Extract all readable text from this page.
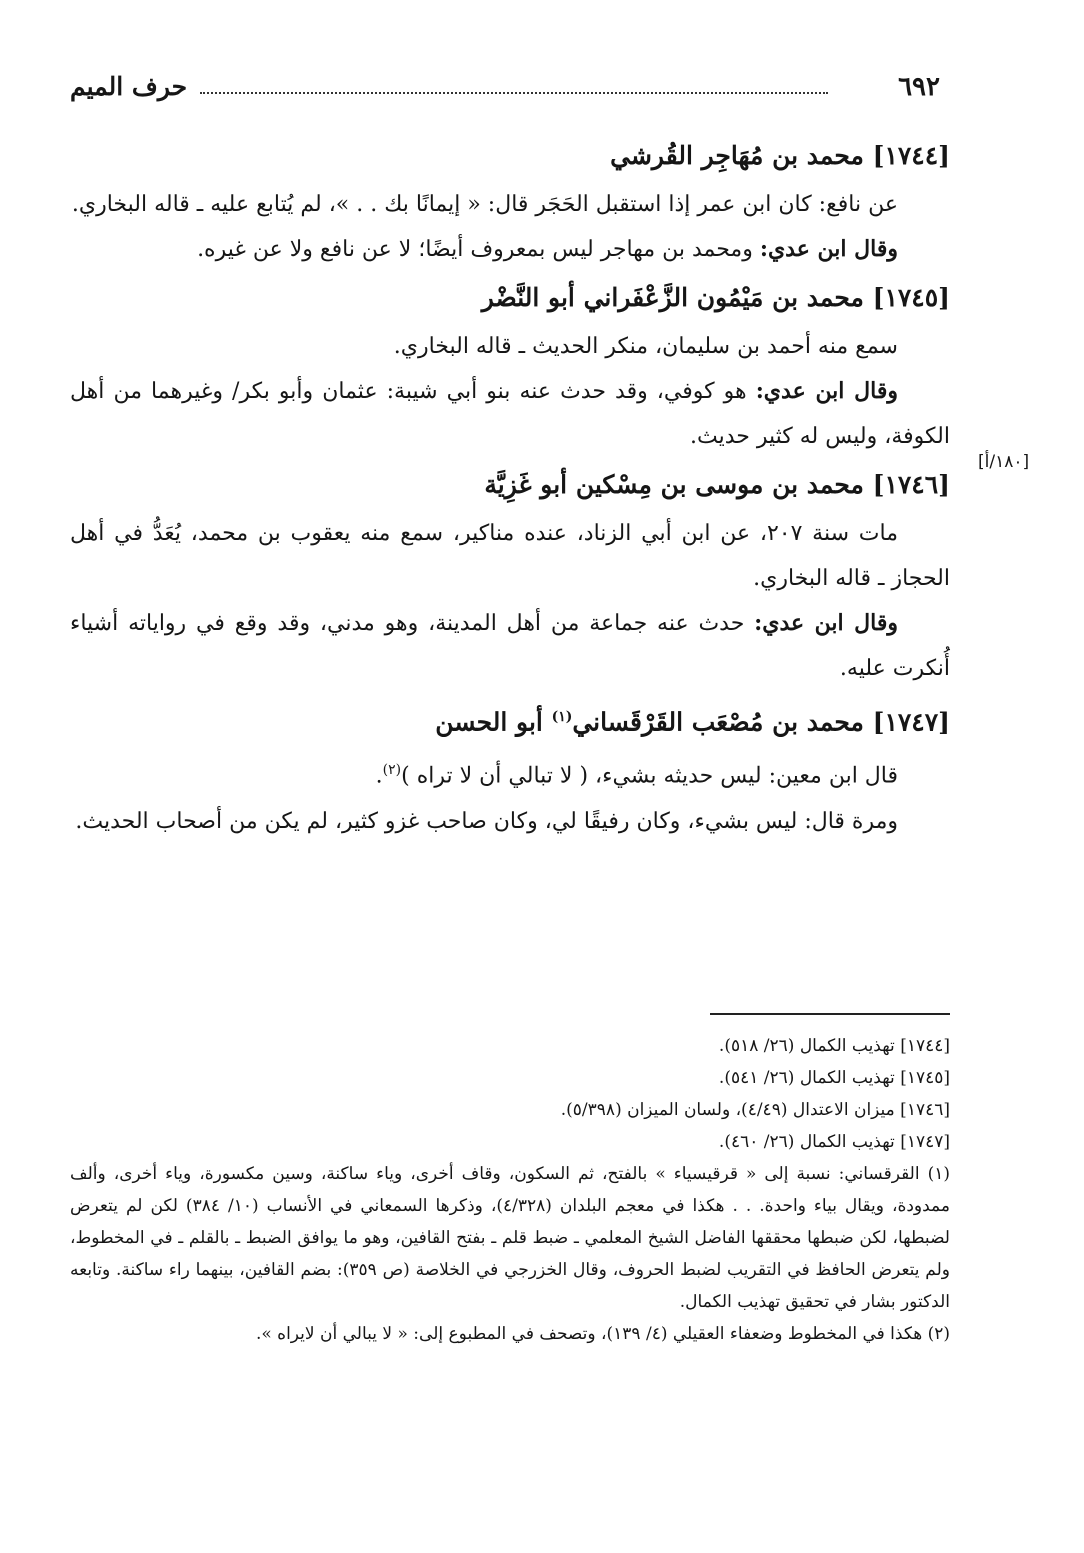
٦٩٢
حرف الميم
[١٨٠/أ]

[١٧٤٤] محمد بن مُهَاجِر القُرشي

عن نافع: كان ابن عمر إذا استقبل الحَجَر قال: « إيمانًا بك . . »، لم يُتابع عليه ـ قاله البخاري.

وقال ابن عدي: ومحمد بن مهاجر ليس بمعروف أيضًا؛ لا عن نافع ولا عن غيره.

[١٧٤٥] محمد بن مَيْمُون الزَّعْفَراني أبو النَّضْر

سمع منه أحمد بن سليمان، منكر الحديث ـ قاله البخاري.

وقال ابن عدي: هو كوفي، وقد حدث عنه بنو أبي شيبة: عثمان وأبو بكر/ وغيرهما من أهل الكوفة، وليس له كثير حديث.

[١٧٤٦] محمد بن موسى بن مِسْكين أبو غَزِيَّة

مات سنة ٢٠٧، عن ابن أبي الزناد، عنده مناكير، سمع منه يعقوب بن محمد، يُعَدُّ في أهل الحجاز ـ قاله البخاري.

وقال ابن عدي: حدث عنه جماعة من أهل المدينة، وهو مدني، وقد وقع في رواياته أشياء أُنكرت عليه.

[١٧٤٧] محمد بن مُصْعَب القَرْقَساني$^{(١)}$ أبو الحسن

قال ابن معين: ليس حديثه بشيء، ( لا تبالي أن لا تراه )$^{(٢)}$.

ومرة قال: ليس بشيء، وكان رفيقًا لي، وكان صاحب غزو كثير، لم يكن من أصحاب الحديث.

[١٧٤٤] تهذيب الكمال (٢٦/ ٥١٨).

[١٧٤٥] تهذيب الكمال (٢٦/ ٥٤١).

[١٧٤٦] ميزان الاعتدال (٤/٤٩)، ولسان الميزان (٥/٣٩٨).

[١٧٤٧] تهذيب الكمال (٢٦/ ٤٦٠).

(١) القرقساني: نسبة إلى « قرقيسياء » بالفتح، ثم السكون، وقاف أخرى، وياء ساكنة، وسين مكسورة، وياء أخرى، وألف ممدودة، ويقال بياء واحدة. . . هكذا في معجم البلدان (٤/٣٢٨)، وذكرها السمعاني في الأنساب (١٠/ ٣٨٤) لكن لم يتعرض لضبطها، لكن ضبطها محققها الفاضل الشيخ المعلمي ـ ضبط قلم ـ بفتح القافين، وهو ما يوافق الضبط ـ بالقلم ـ في المخطوط، ولم يتعرض الحافظ في التقريب لضبط الحروف، وقال الخزرجي في الخلاصة (ص ٣٥٩): بضم القافين، بينهما راء ساكنة. وتابعه الدكتور بشار في تحقيق تهذيب الكمال.

(٢) هكذا في المخطوط وضعفاء العقيلي (٤/ ١٣٩)، وتصحف في المطبوع إلى: « لا يبالي أن لايراه ».
